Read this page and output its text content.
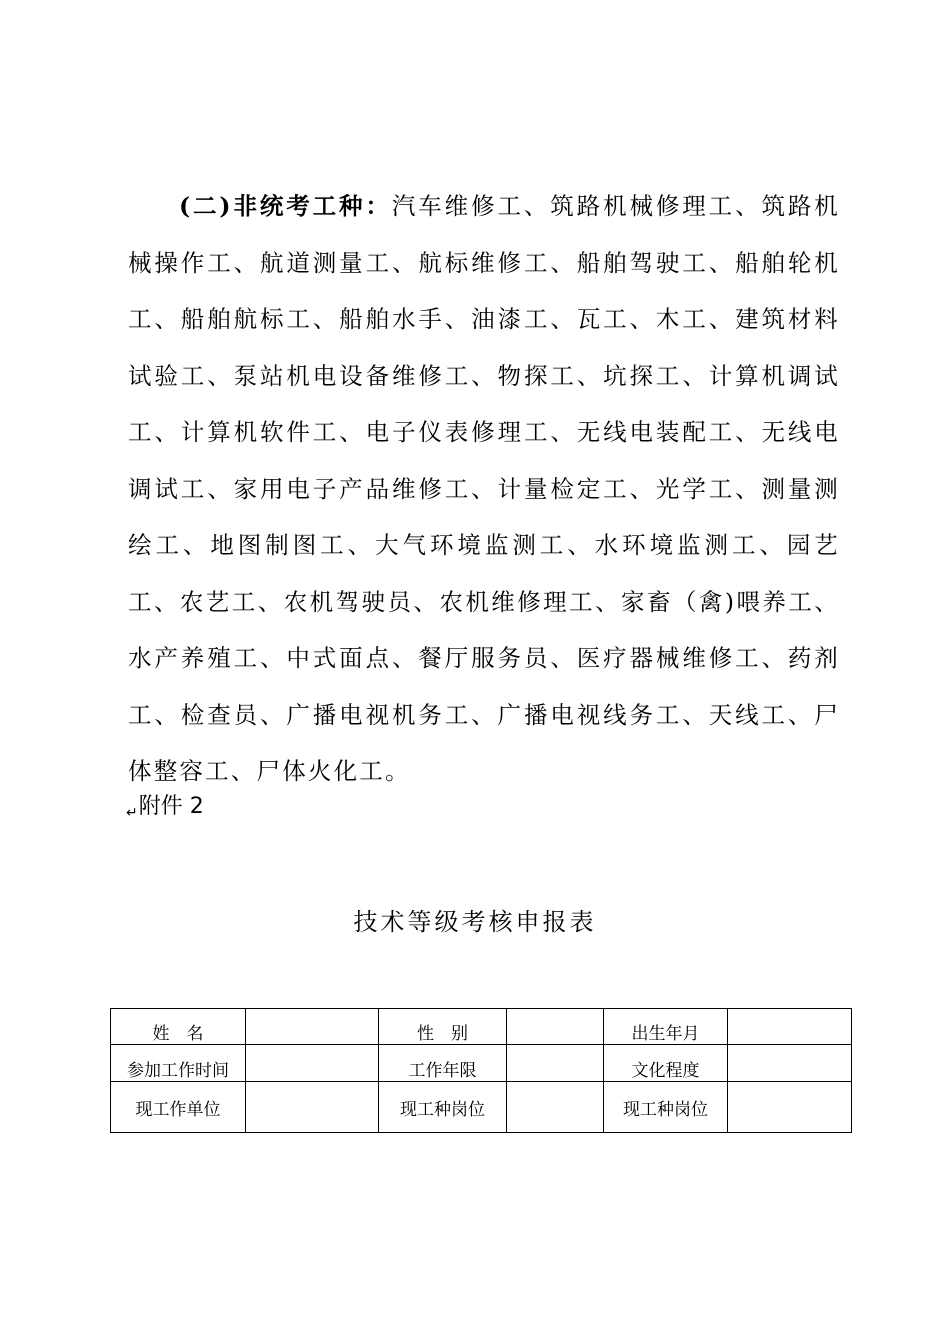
(二)非统考工种：汽车维修工、筑路机械修理工、筑路机械操作工、航道测量工、航标维修工、船舶驾驶工、船舶轮机工、船舶航标工、船舶水手、油漆工、瓦工、木工、建筑材料试验工、泵站机电设备维修工、物探工、坑探工、计算机调试工、计算机软件工、电子仪表修理工、无线电装配工、无线电调试工、家用电子产品维修工、计量检定工、光学工、测量测绘工、地图制图工、大气环境监测工、水环境监测工、园艺工、农艺工、农机驾驶员、农机维修理工、家畜（禽)喂养工、水产养殖工、中式面点、餐厅服务员、医疗器械维修工、药剂工、检查员、广播电视机务工、广播电视线务工、天线工、尸体整容工、尸体火化工。

↵附件 2
技术等级考核申报表
姓　名		性　别		出生年月	
参加工作时间		工作年限		文化程度	
现工作单位		现工种岗位		现工种岗位	
